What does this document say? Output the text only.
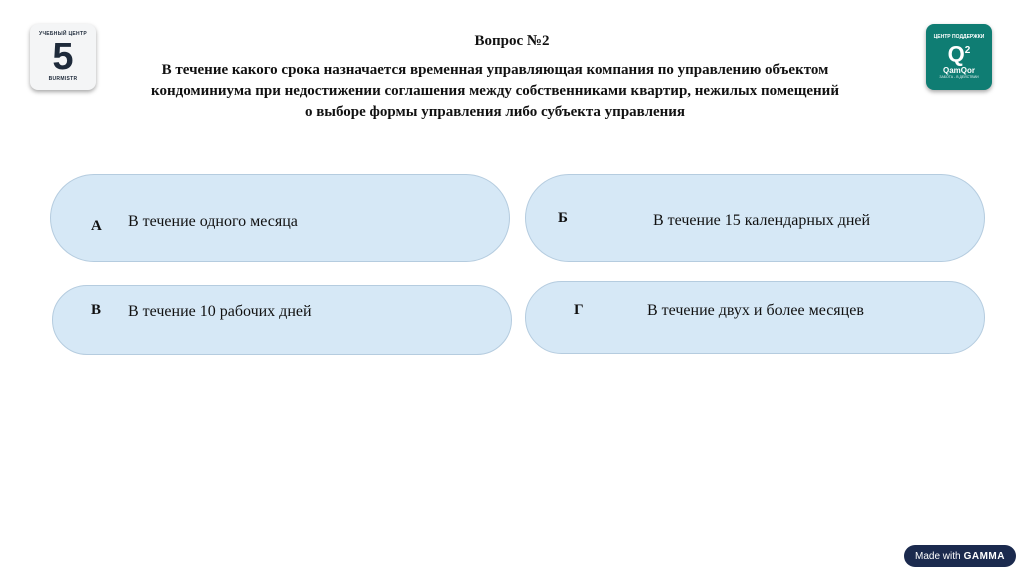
УЧЕБНЫЙ ЦЕНТР
5
BURMISTR
ЦЕНТР ПОДДЕРЖКИ
$Q^2$
QamQor
ЗАБОТА - В ДЕЙСТВИИ
Вопрос №2
В течение какого срока назначается временная управляющая компания по управлению объектом
кондоминиума при недостижении соглашения между собственниками квартир, нежилых помещений
о выборе формы управления либо субъекта управления
А В течение одного месяца	Б	В течение 15 календарных дней
В В течение 10 рабочих дней	Г	В течение двух и более месяцев
Made with GAMMA
